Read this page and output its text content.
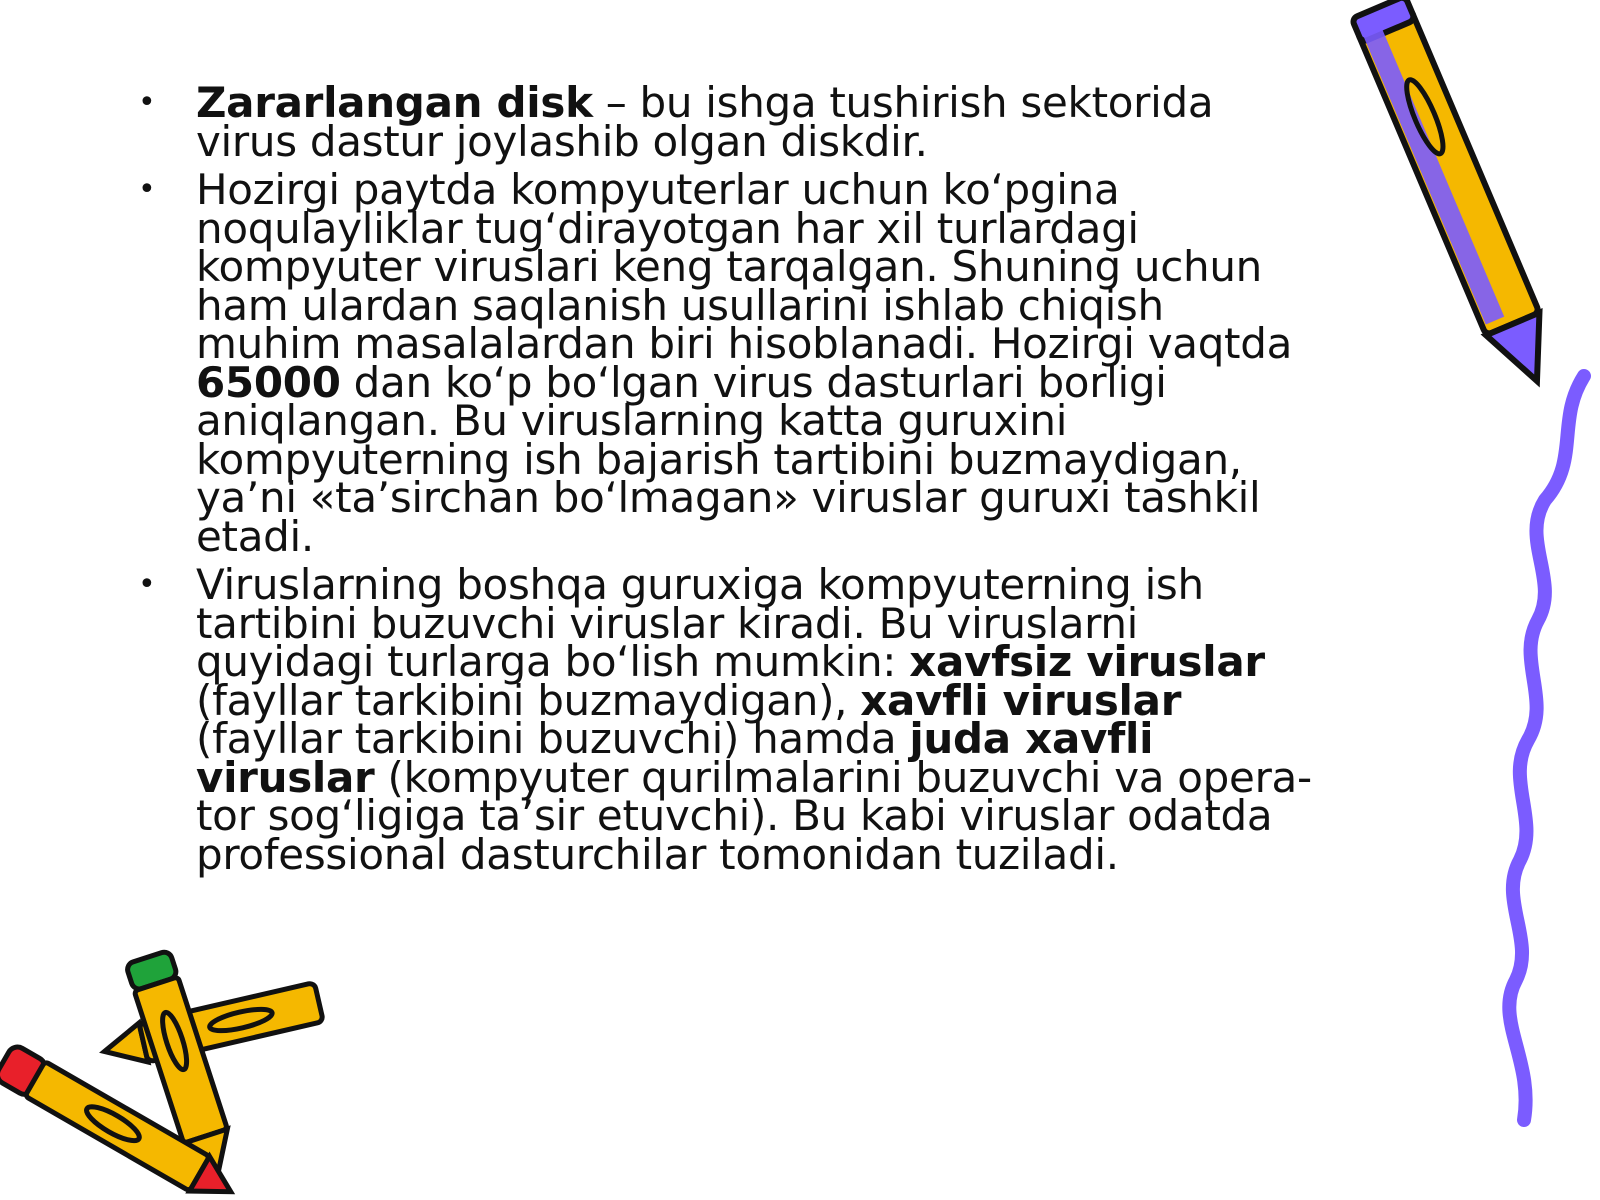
• Zararlangan disk – bu ishga tushirish sektorida virus dastur joylashib olgan diskdir.
• Hozirgi paytda kompyuterlar uchun ko‘pgina noqulayliklar tug‘dirayotgan har xil turlardagi kompyuter viruslari keng tarqalgan. Shuning uchun ham ulardan saqlanish usullarini ishlab chiqish muhim masalalardan biri hisoblanadi. Hozirgi vaqtda 65000 dan ko‘p bo‘lgan virus dasturlari borligi aniqlangan. Bu viruslarning katta guruxini kompyuterning ish bajarish tartibini buzmaydigan, ya’ni «ta’sirchan bo‘lmagan» viruslar guruxi tashkil etadi.
• Viruslarning boshqa guruxiga kompyuterning ish tartibini buzuvchi viruslar kiradi. Bu viruslarni quyidagi turlarga bo‘lish mumkin: xavfsiz viruslar (fayllar tarkibini buzmaydigan), xavfli viruslar (fayllar tarkibini buzuvchi) hamda juda xavfli viruslar (kompyuter qurilmalarini buzuvchi va opera-tor sog‘ligiga ta’sir etuvchi). Bu kabi viruslar odatda professional dasturchilar tomonidan tuziladi.
